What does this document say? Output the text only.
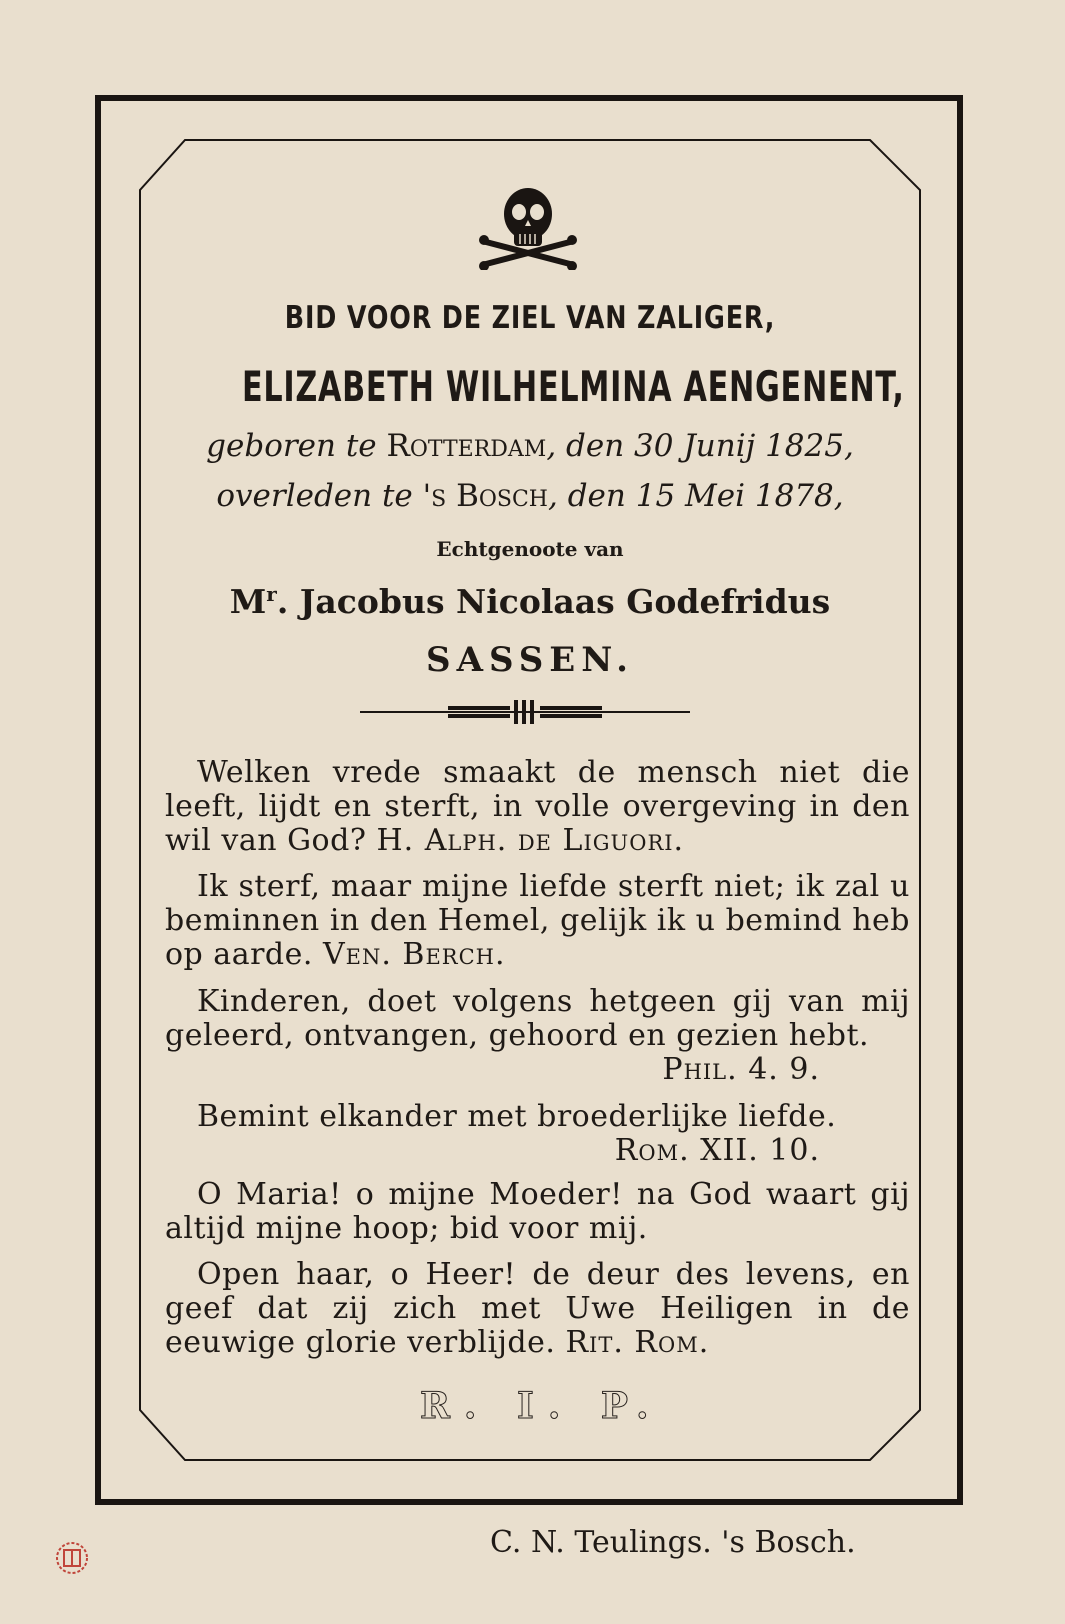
BID VOOR DE ZIEL VAN ZALIGER,
ELIZABETH WILHELMINA AENGENENT,
geboren te Rotterdam, den 30 Junij 1825,
overleden te 's Bosch, den 15 Mei 1878,
Echtgenoote van
$M^r$. Jacobus Nicolaas Godefridus
SASSEN.
Welken vrede smaakt de mensch niet die leeft, lijdt en sterft, in volle overgeving in den wil van God? H. Alph. de Liguori.
Ik sterf, maar mijne liefde sterft niet; ik zal u beminnen in den Hemel, gelijk ik u bemind heb op aarde. Ven. Berch.
Kinderen, doet volgens hetgeen gij van mij geleerd, ontvangen, gehoord en gezien hebt.
Phil. 4. 9.
Bemint elkander met broederlijke liefde.
Rom. XII. 10.
O Maria! o mijne Moeder! na God waart gij altijd mijne hoop; bid voor mij.
Open haar, o Heer! de deur des levens, en geef dat zij zich met Uwe Heiligen in de eeuwige glorie verblijde. Rit. Rom.
R. I. P.
C. N. Teulings. 's Bosch.
